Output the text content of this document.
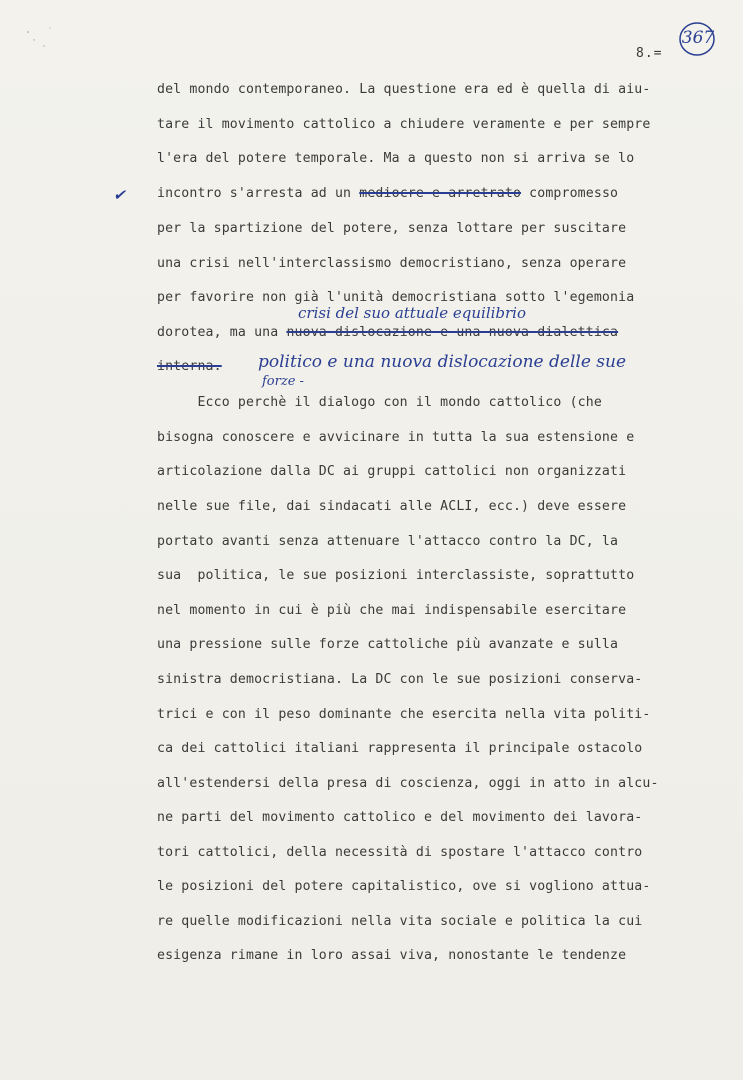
8.=
367
✔
del mondo contemporaneo. La questione era ed è quella di aiu-
tare il movimento cattolico a chiudere veramente e per sempre
l'era del potere temporale. Ma a questo non si arriva se lo
incontro s'arresta ad un mediocre e arretrato compromesso
per la spartizione del potere, senza lottare per suscitare
una crisi nell'interclassismo democristiano, senza operare
per favorire non già l'unità democristiana sotto l'egemonia
dorotea, ma una nuova dislocazione e una nuova dialettica
interna.
crisi del suo attuale equilibrio
politico e una nuova dislocazione delle sue
forze -
Ecco perchè il dialogo con il mondo cattolico (che
bisogna conoscere e avvicinare in tutta la sua estensione e
articolazione dalla DC ai gruppi cattolici non organizzati
nelle sue file, dai sindacati alle ACLI, ecc.) deve essere
portato avanti senza attenuare l'attacco contro la DC, la
sua  politica, le sue posizioni interclassiste, soprattutto
nel momento in cui è più che mai indispensabile esercitare
una pressione sulle forze cattoliche più avanzate e sulla
sinistra democristiana. La DC con le sue posizioni conserva-
trici e con il peso dominante che esercita nella vita politi-
ca dei cattolici italiani rappresenta il principale ostacolo
all'estendersi della presa di coscienza, oggi in atto in alcu-
ne parti del movimento cattolico e del movimento dei lavora-
tori cattolici, della necessità di spostare l'attacco contro
le posizioni del potere capitalistico, ove si vogliono attua-
re quelle modificazioni nella vita sociale e politica la cui
esigenza rimane in loro assai viva, nonostante le tendenze
